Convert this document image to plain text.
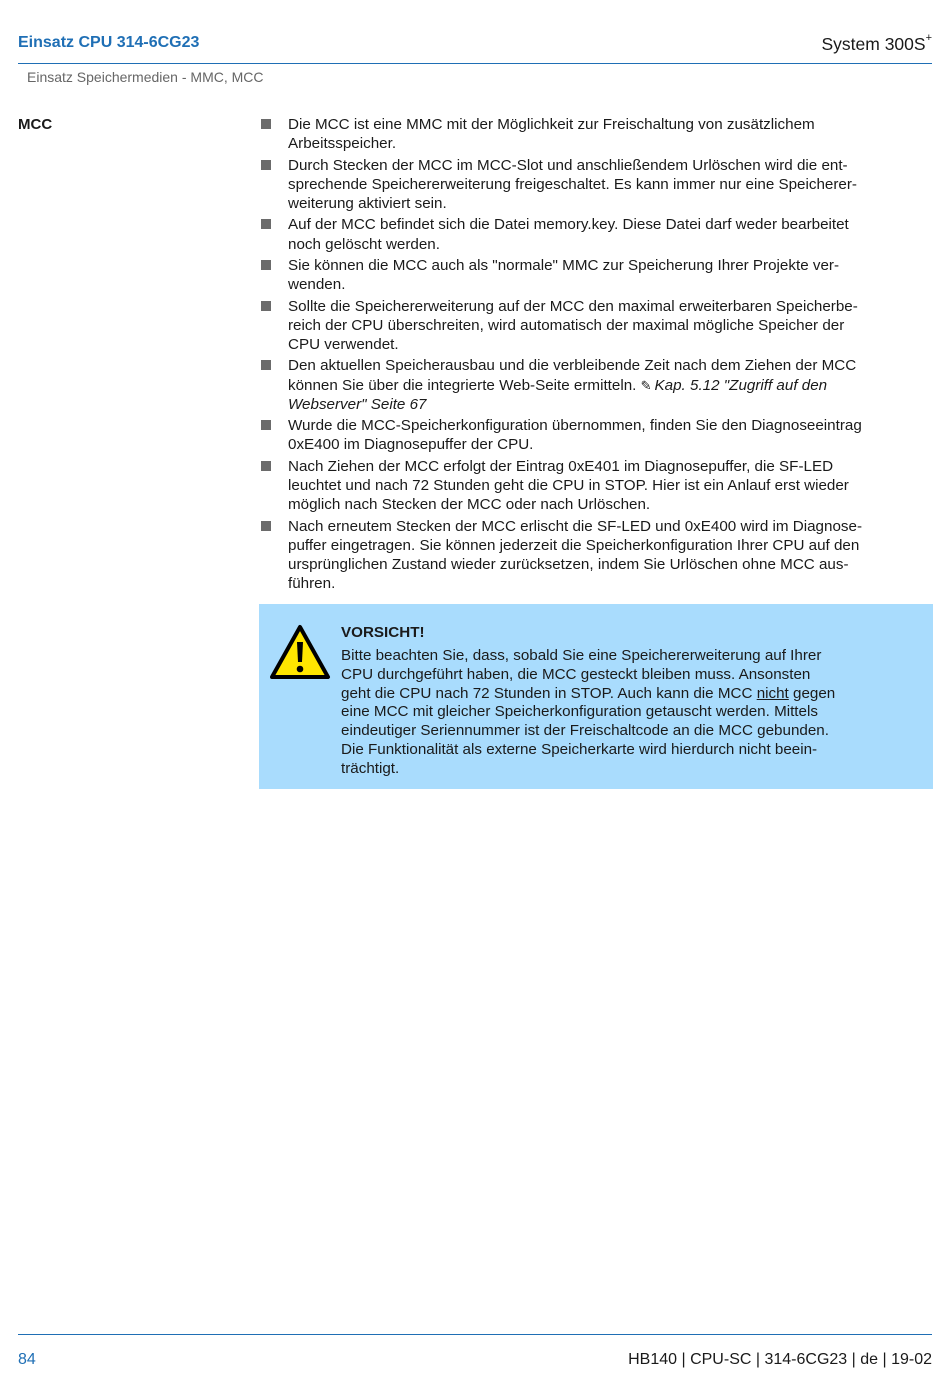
Einsatz CPU 314-6CG23	System 300S+
Einsatz Speichermedien - MMC, MCC
MCC	Die MCC ist eine MMC mit der Möglichkeit zur Freischaltung von zusätzlichem
Arbeitsspeicher.
Durch Stecken der MCC im MCC-Slot und anschließendem Urlöschen wird die ent-
sprechende Speichererweiterung freigeschaltet. Es kann immer nur eine Speicherer-
weiterung aktiviert sein.
Auf der MCC befindet sich die Datei memory.key. Diese Datei darf weder bearbeitet
noch gelöscht werden.
Sie können die MCC auch als "normale" MMC zur Speicherung Ihrer Projekte ver-
wenden.
Sollte die Speichererweiterung auf der MCC den maximal erweiterbaren Speicherbe-
reich der CPU überschreiten, wird automatisch der maximal mögliche Speicher der
CPU verwendet.
Den aktuellen Speicherausbau und die verbleibende Zeit nach dem Ziehen der MCC
können Sie über die integrierte Web-Seite ermitteln. ✎ Kap. 5.12 "Zugriff auf den
Webserver" Seite 67
Wurde die MCC-Speicherkonfiguration übernommen, finden Sie den Diagnoseeintrag
0xE400 im Diagnosepuffer der CPU.
Nach Ziehen der MCC erfolgt der Eintrag 0xE401 im Diagnosepuffer, die SF-LED
leuchtet und nach 72 Stunden geht die CPU in STOP. Hier ist ein Anlauf erst wieder
möglich nach Stecken der MCC oder nach Urlöschen.
Nach erneutem Stecken der MCC erlischt die SF-LED und 0xE400 wird im Diagnose-
puffer eingetragen. Sie können jederzeit die Speicherkonfiguration Ihrer CPU auf den
ursprünglichen Zustand wieder zurücksetzen, indem Sie Urlöschen ohne MCC aus-
führen.
VORSICHT!
Bitte beachten Sie, dass, sobald Sie eine Speichererweiterung auf Ihrer
CPU durchgeführt haben, die MCC gesteckt bleiben muss. Ansonsten
geht die CPU nach 72 Stunden in STOP. Auch kann die MCC nicht gegen
eine MCC mit gleicher Speicherkonfiguration getauscht werden. Mittels
eindeutiger Seriennummer ist der Freischaltcode an die MCC gebunden.
Die Funktionalität als externe Speicherkarte wird hierdurch nicht beein-
trächtigt.
84	HB140 | CPU-SC | 314-6CG23 | de | 19-02
